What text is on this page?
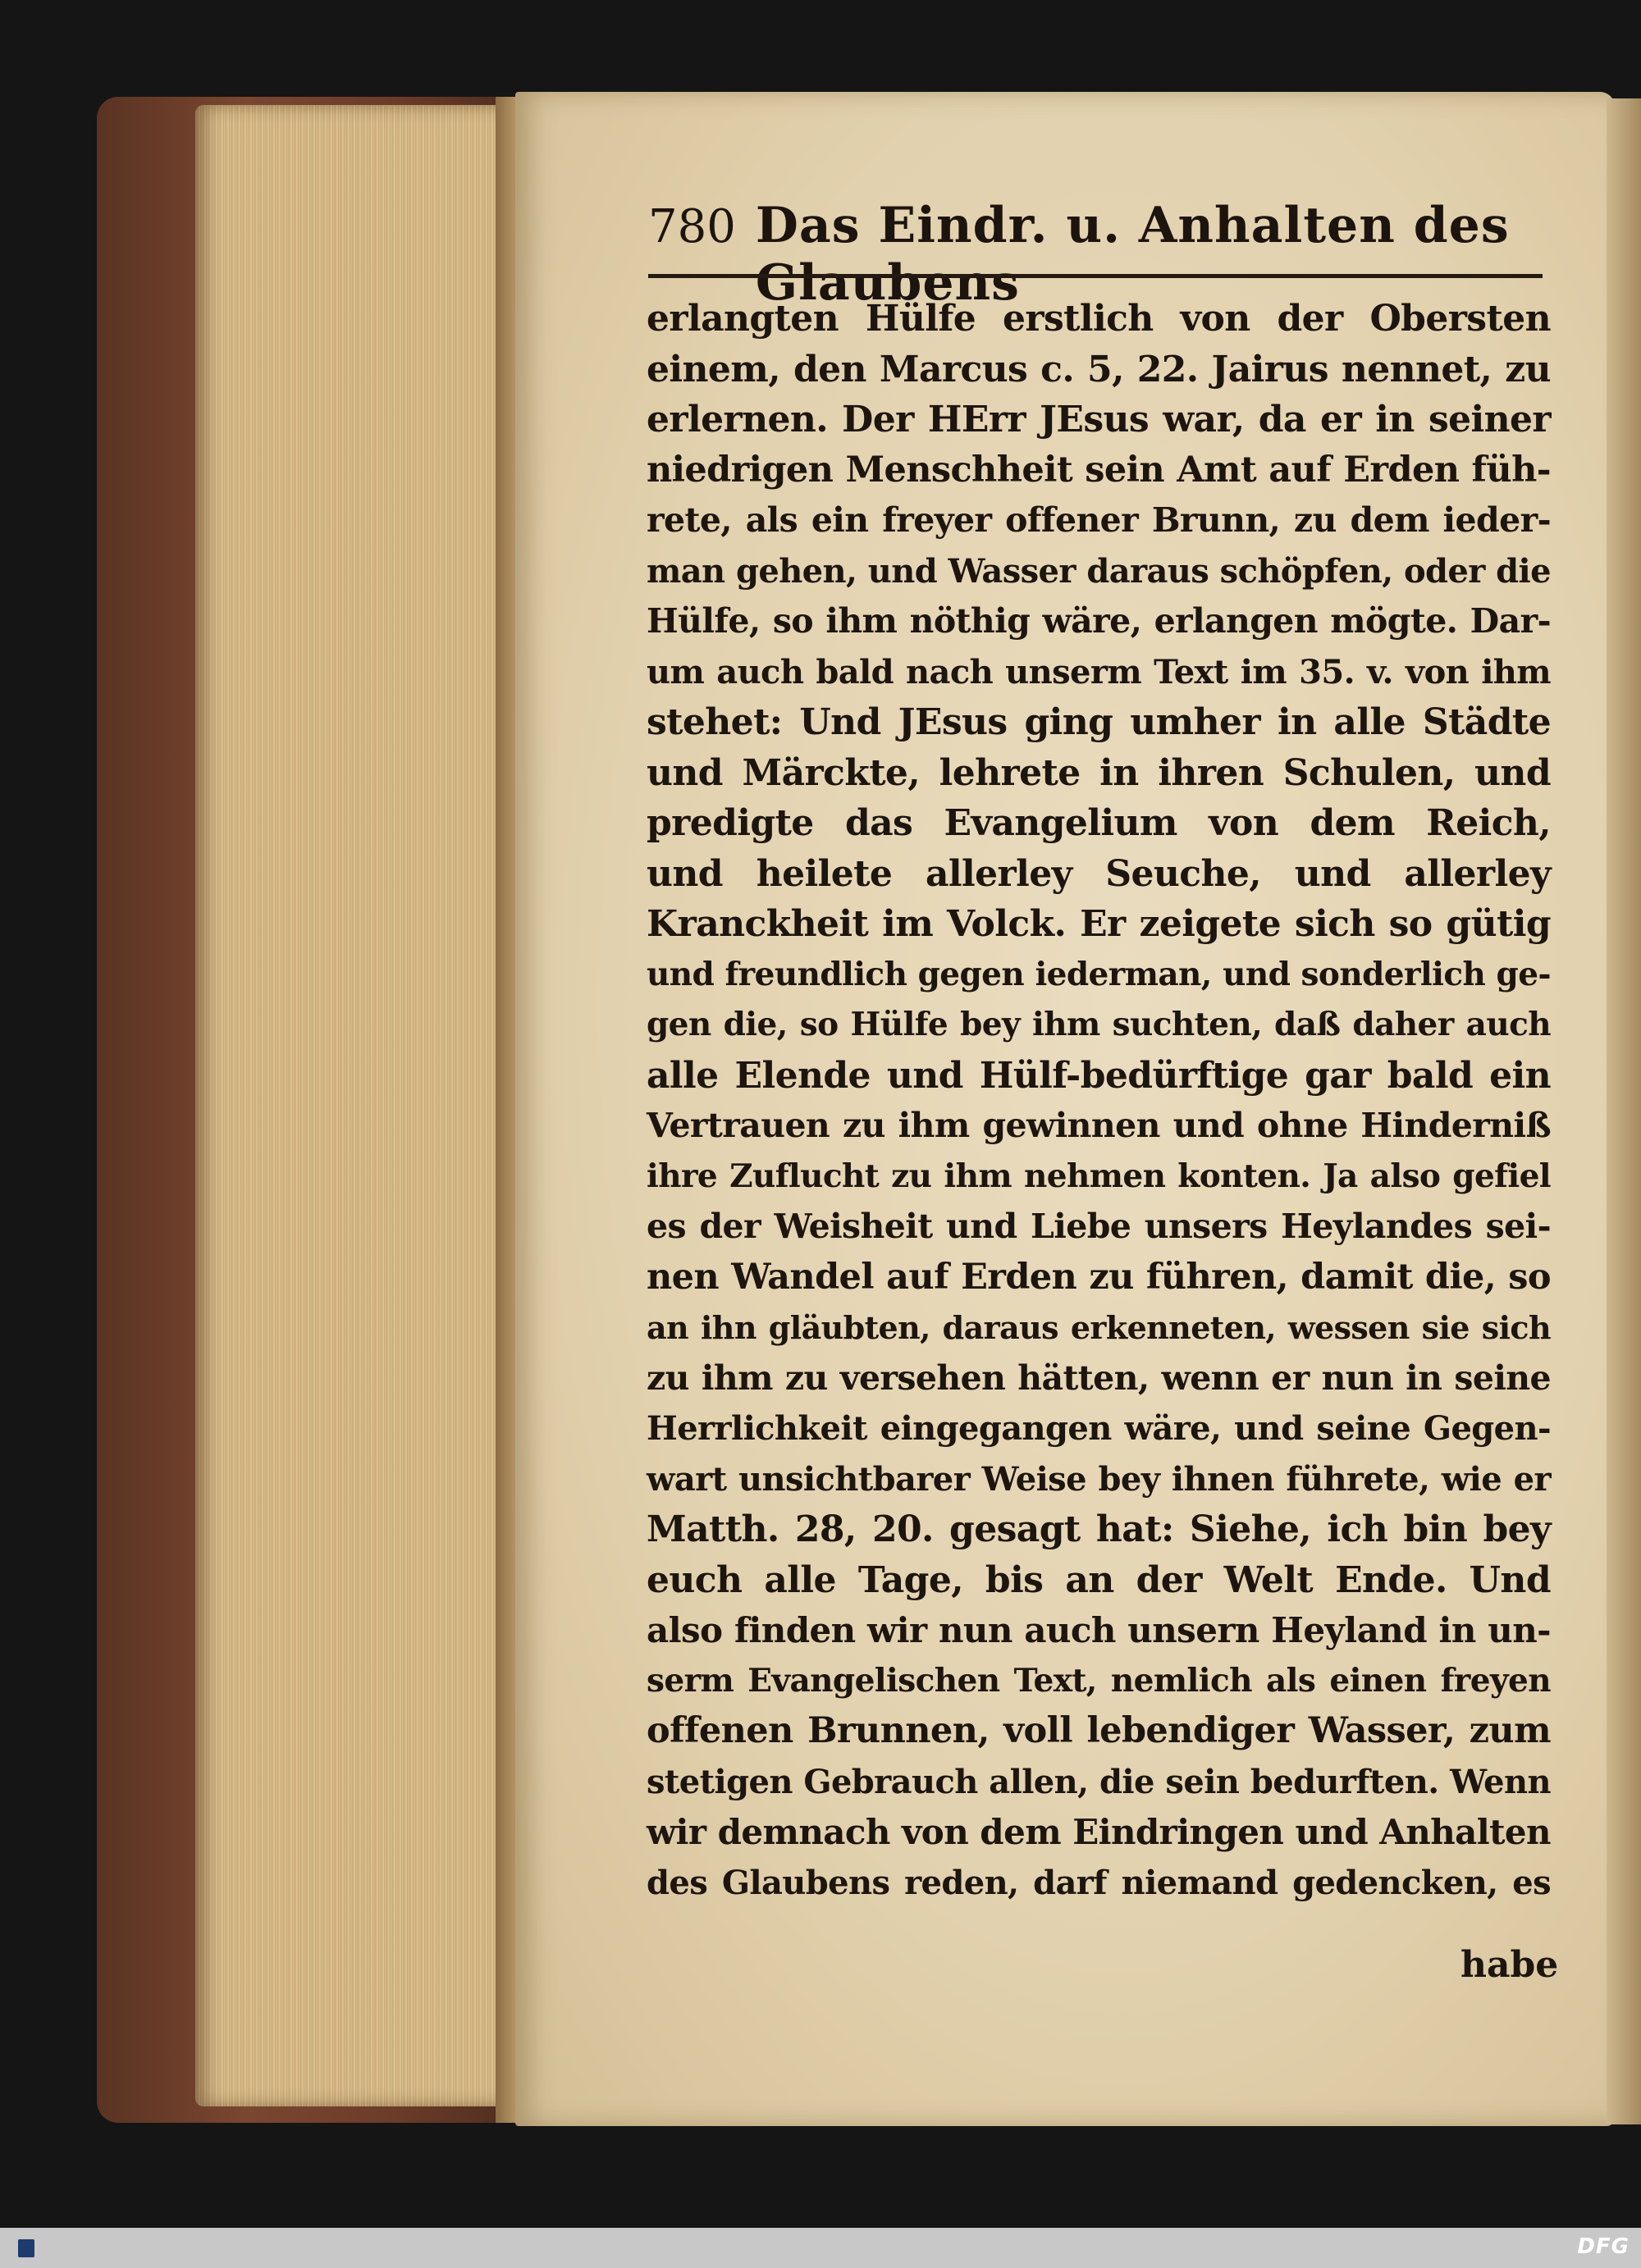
780 Das Eindr. u. Anhalten des Glaubens
erlangten Hülfe erstlich von der Obersten
einem, den Marcus c. 5, 22. Jairus nennet, zu
erlernen. Der HErr JEsus war, da er in seiner
niedrigen Menschheit sein Amt auf Erden füh-
rete, als ein freyer offener Brunn, zu dem ieder-
man gehen, und Wasser daraus schöpfen, oder die
Hülfe, so ihm nöthig wäre, erlangen mögte. Dar-
um auch bald nach unserm Text im 35. v. von ihm
stehet: Und JEsus ging umher in alle Städte
und Märckte, lehrete in ihren Schulen, und
predigte das Evangelium von dem Reich,
und heilete allerley Seuche, und allerley
Kranckheit im Volck. Er zeigete sich so gütig
und freundlich gegen iederman, und sonderlich ge-
gen die, so Hülfe bey ihm suchten, daß daher auch
alle Elende und Hülf-bedürftige gar bald ein
Vertrauen zu ihm gewinnen und ohne Hinderniß
ihre Zuflucht zu ihm nehmen konten. Ja also gefiel
es der Weisheit und Liebe unsers Heylandes sei-
nen Wandel auf Erden zu führen, damit die, so
an ihn gläubten, daraus erkenneten, wessen sie sich
zu ihm zu versehen hätten, wenn er nun in seine
Herrlichkeit eingegangen wäre, und seine Gegen-
wart unsichtbarer Weise bey ihnen führete, wie er
Matth. 28, 20. gesagt hat: Siehe, ich bin bey
euch alle Tage, bis an der Welt Ende. Und
also finden wir nun auch unsern Heyland in un-
serm Evangelischen Text, nemlich als einen freyen
offenen Brunnen, voll lebendiger Wasser, zum
stetigen Gebrauch allen, die sein bedurften. Wenn
wir demnach von dem Eindringen und Anhalten
des Glaubens reden, darf niemand gedencken, es
habe
DFG
